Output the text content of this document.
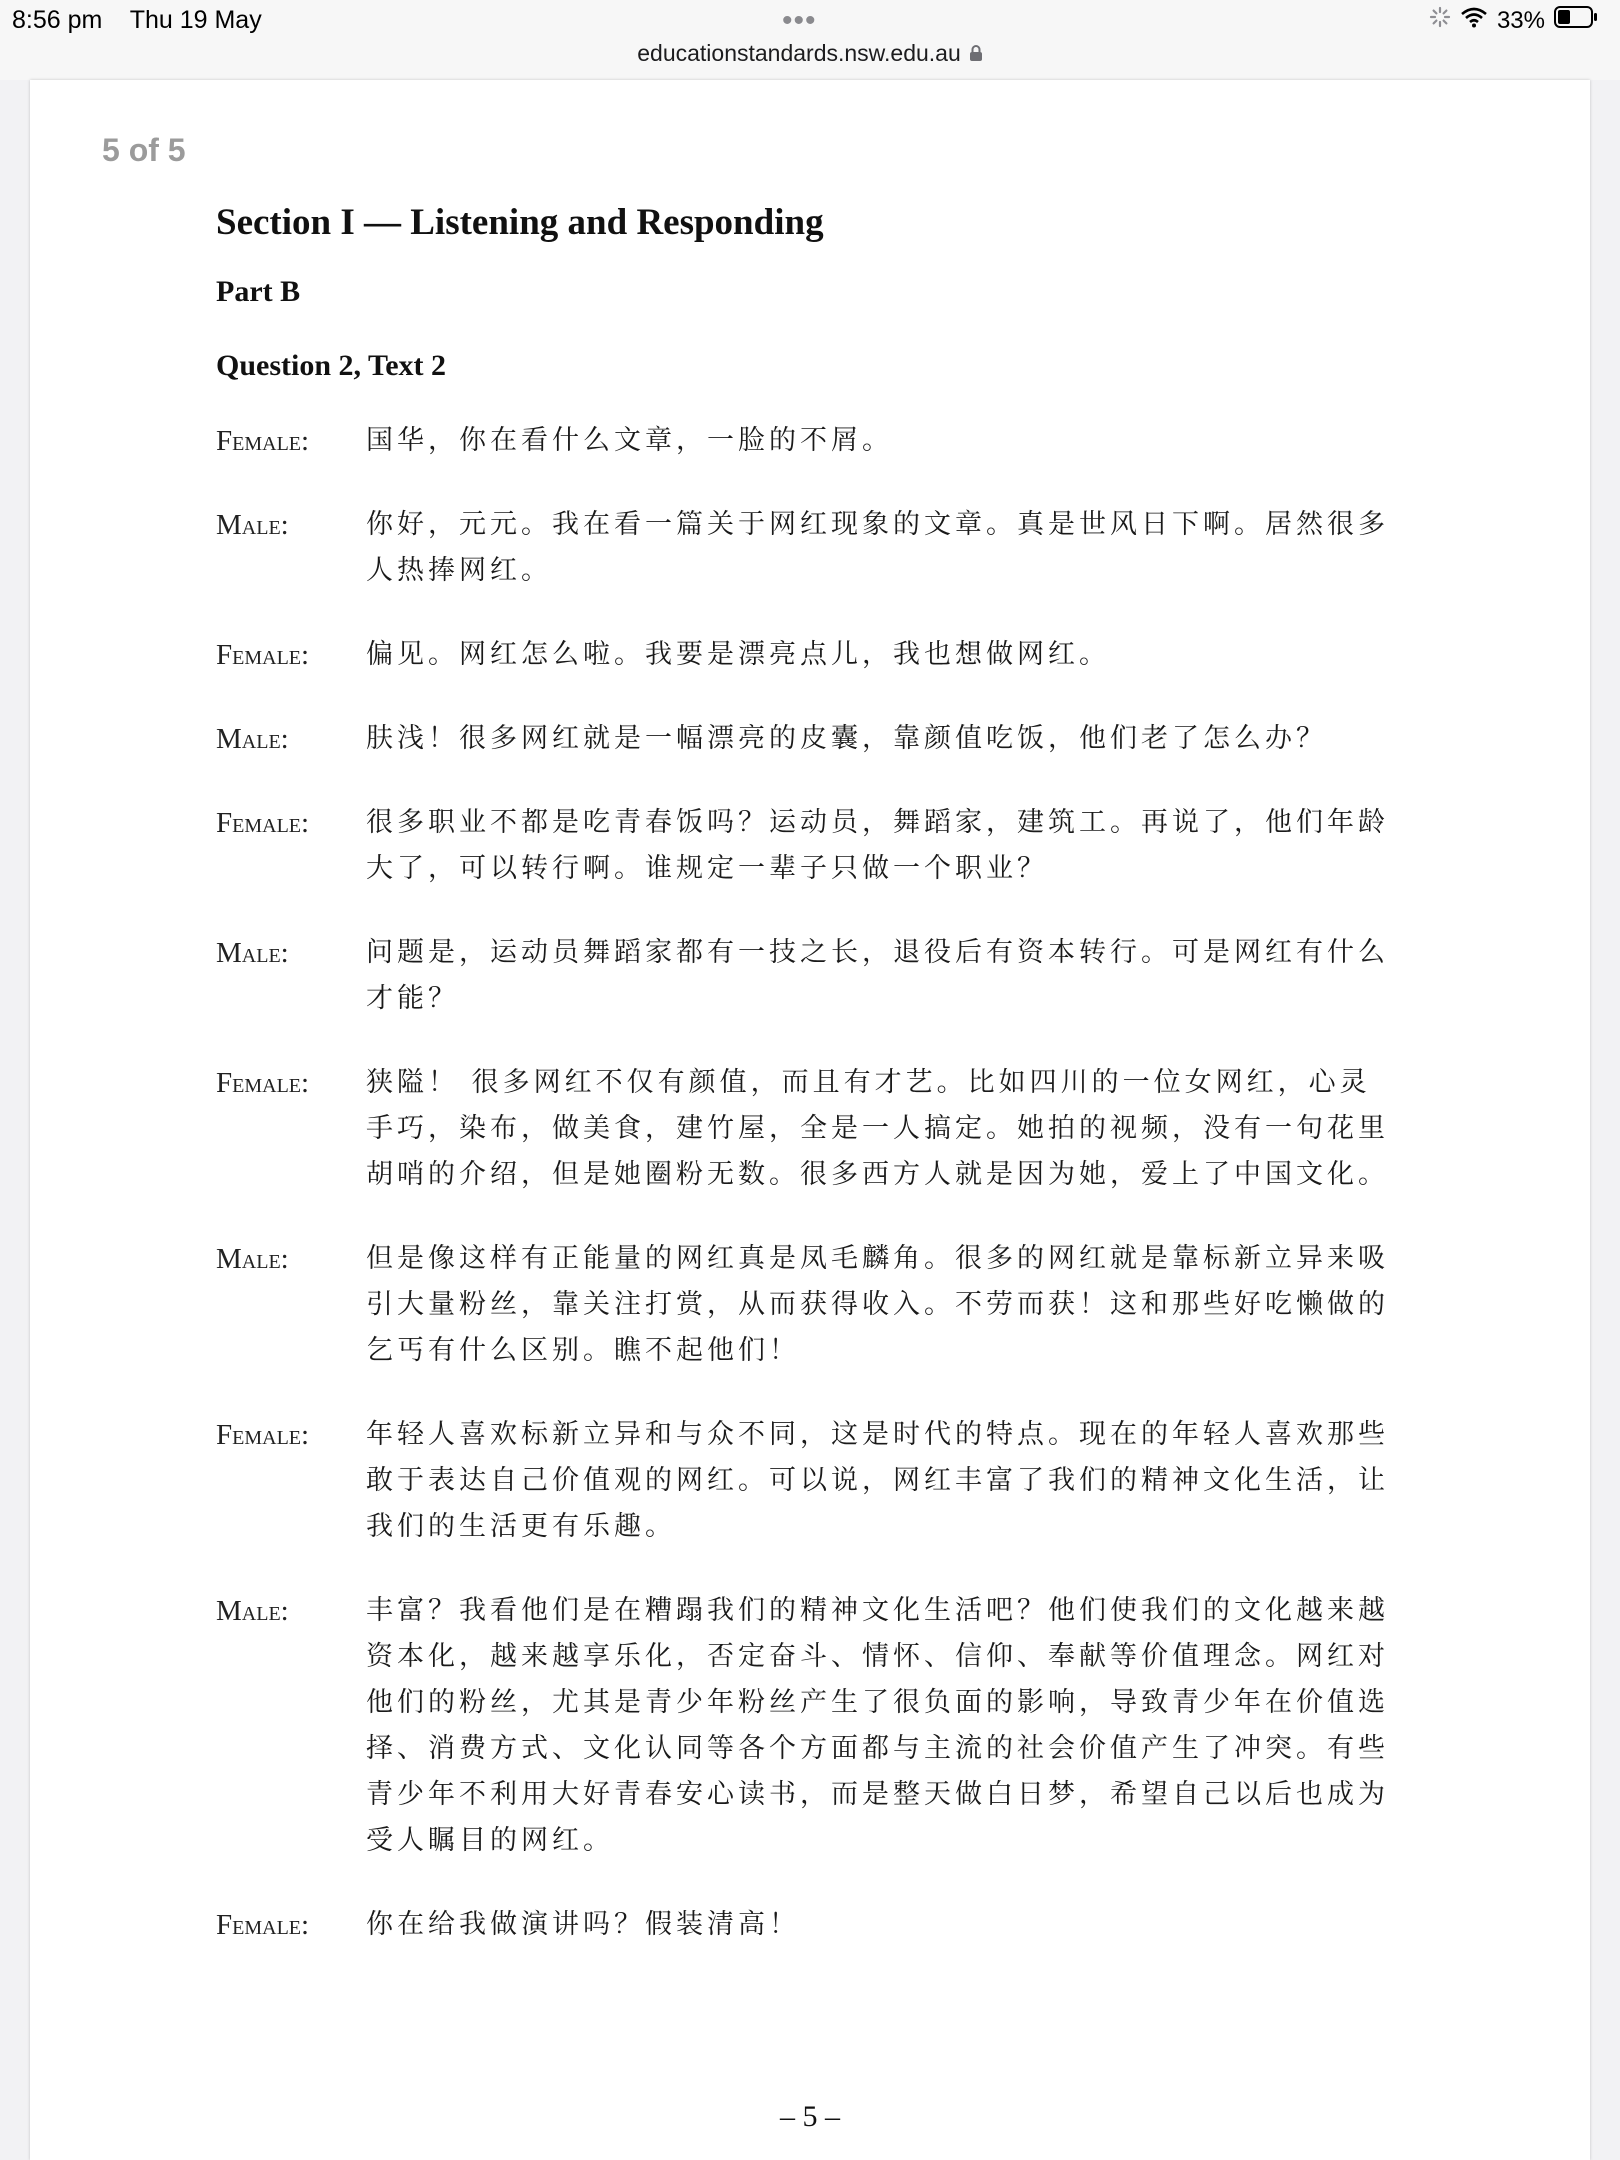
8:56 pm Thu 19 May	•••
educationstandards.nsw.edu.au
33%
5 of 5
Section I — Listening and Responding
Part B
Question 2, Text 2
Female:	国华，你在看什么文章，一脸的不屑。
Male:	你好，元元。我在看一篇关于网红现象的文章。真是世风日下啊。居然很多人热捧网红。
Female:	偏见。网红怎么啦。我要是漂亮点儿，我也想做网红。
Male:	肤浅！很多网红就是一幅漂亮的皮囊，靠颜值吃饭，他们老了怎么办？
Female:	很多职业不都是吃青春饭吗？运动员，舞蹈家，建筑工。再说了，他们年龄大了，可以转行啊。谁规定一辈子只做一个职业？
Male:	问题是，运动员舞蹈家都有一技之长，退役后有资本转行。可是网红有什么才能？
Female:	狭隘！ 很多网红不仅有颜值，而且有才艺。比如四川的一位女网红，心灵手巧，染布，做美食，建竹屋，全是一人搞定。她拍的视频，没有一句花里胡哨的介绍，但是她圈粉无数。很多西方人就是因为她，爱上了中国文化。
Male:	但是像这样有正能量的网红真是凤毛麟角。很多的网红就是靠标新立异来吸引大量粉丝，靠关注打赏，从而获得收入。不劳而获！这和那些好吃懒做的乞丐有什么区别。瞧不起他们！
Female:	年轻人喜欢标新立异和与众不同，这是时代的特点。现在的年轻人喜欢那些敢于表达自己价值观的网红。可以说，网红丰富了我们的精神文化生活，让我们的生活更有乐趣。
Male:	丰富？我看他们是在糟蹋我们的精神文化生活吧？他们使我们的文化越来越资本化，越来越享乐化，否定奋斗、情怀、信仰、奉献等价值理念。网红对他们的粉丝，尤其是青少年粉丝产生了很负面的影响，导致青少年在价值选择、消费方式、文化认同等各个方面都与主流的社会价值产生了冲突。有些青少年不利用大好青春安心读书，而是整天做白日梦，希望自己以后也成为受人瞩目的网红。
Female:	你在给我做演讲吗？假装清高！
– 5 –
